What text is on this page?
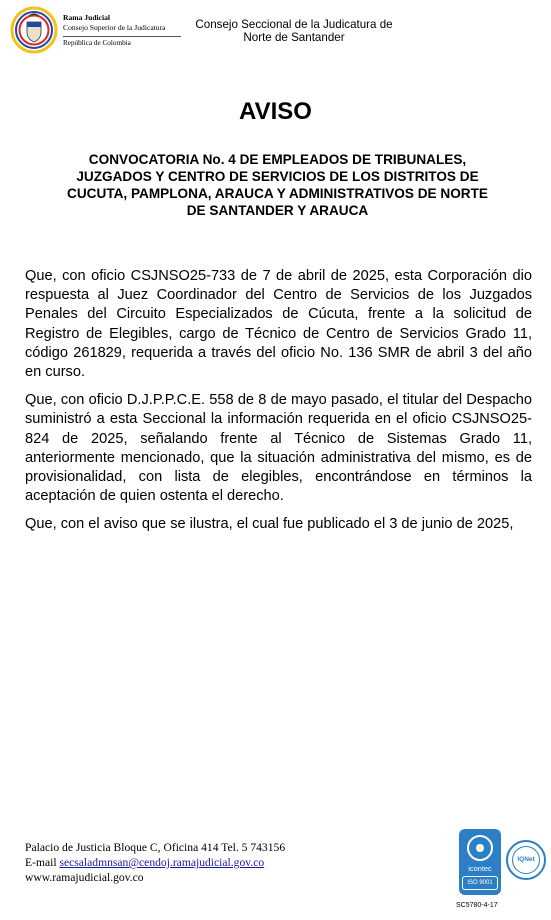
Rama Judicial
Consejo Superior de la Judicatura
República de Colombia
Consejo Seccional de la Judicatura de
Norte de Santander
AVISO
CONVOCATORIA No. 4 DE EMPLEADOS DE TRIBUNALES,
JUZGADOS Y CENTRO DE SERVICIOS DE LOS DISTRITOS DE
CUCUTA, PAMPLONA, ARAUCA Y ADMINISTRATIVOS DE NORTE
DE SANTANDER Y ARAUCA

Que, con oficio CSJNSO25-733 de 7 de abril de 2025, esta Corporación dio respuesta al Juez Coordinador del Centro de Servicios de los Juzgados Penales del Circuito Especializados de Cúcuta, frente a la solicitud de Registro de Elegibles, cargo de Técnico de Centro de Servicios Grado 11, código 261829, requerida a través del oficio No. 136 SMR de abril 3 del año en curso.

Que, con oficio D.J.P.P.C.E. 558 de 8 de mayo pasado, el titular del Despacho suministró a esta Seccional la información requerida en el oficio CSJNSO25-824 de 2025, señalando frente al Técnico de Sistemas Grado 11, anteriormente mencionado, que la situación administrativa del mismo, es de provisionalidad, con lista de elegibles, encontrándose en términos la aceptación de quien ostenta el derecho.

Que, con el aviso que se ilustra, el cual fue publicado el 3 de junio de 2025,

Palacio de Justicia Bloque C, Oficina 414 Tel. 5 743156
E-mail secsaladmnsan@cendoj.ramajudicial.gov.co
www.ramajudicial.gov.co
icontec
ISO 9001
IQNet
SC5780-4-17
